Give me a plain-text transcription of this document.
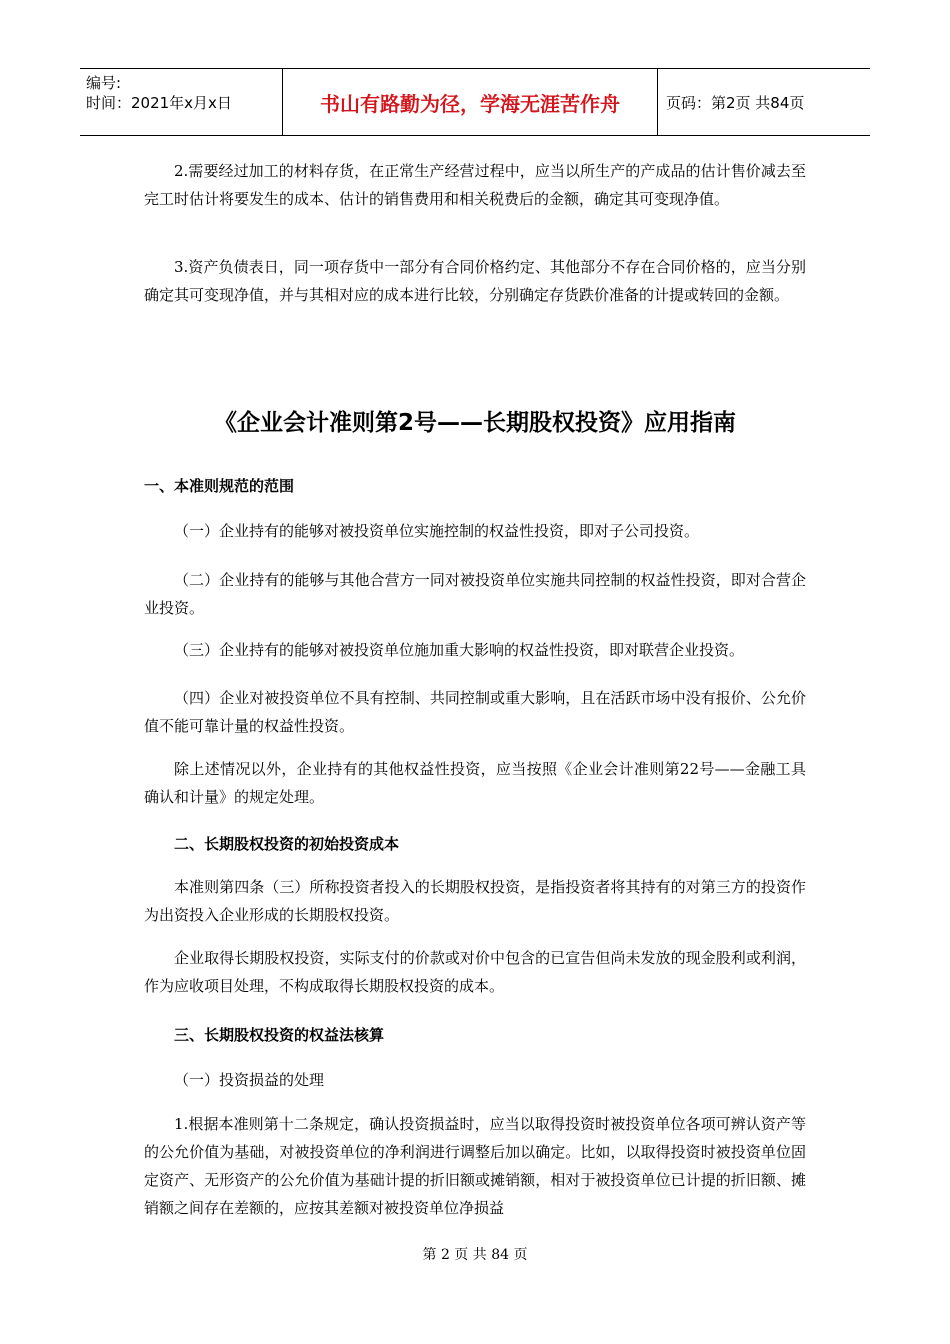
编号:
时间：2021年x月x日	书山有路勤为径，学海无涯苦作舟	页码：第2页 共84页

2.需要经过加工的材料存货，在正常生产经营过程中，应当以所生产的产成品的估计售价减去至完工时估计将要发生的成本、估计的销售费用和相关税费后的金额，确定其可变现净值。

3.资产负债表日，同一项存货中一部分有合同价格约定、其他部分不存在合同价格的，应当分别确定其可变现净值，并与其相对应的成本进行比较，分别确定存货跌价准备的计提或转回的金额。

《企业会计准则第2号——长期股权投资》应用指南
一、本准则规范的范围

（一）企业持有的能够对被投资单位实施控制的权益性投资，即对子公司投资。

（二）企业持有的能够与其他合营方一同对被投资单位实施共同控制的权益性投资，即对合营企业投资。

（三）企业持有的能够对被投资单位施加重大影响的权益性投资，即对联营企业投资。

（四）企业对被投资单位不具有控制、共同控制或重大影响，且在活跃市场中没有报价、公允价值不能可靠计量的权益性投资。

除上述情况以外，企业持有的其他权益性投资，应当按照《企业会计准则第22号——金融工具确认和计量》的规定处理。

二、长期股权投资的初始投资成本

本准则第四条（三）所称投资者投入的长期股权投资，是指投资者将其持有的对第三方的投资作为出资投入企业形成的长期股权投资。

企业取得长期股权投资，实际支付的价款或对价中包含的已宣告但尚未发放的现金股利或利润，作为应收项目处理，不构成取得长期股权投资的成本。

三、长期股权投资的权益法核算

（一）投资损益的处理

1.根据本准则第十二条规定，确认投资损益时，应当以取得投资时被投资单位各项可辨认资产等的公允价值为基础，对被投资单位的净利润进行调整后加以确定。比如，以取得投资时被投资单位固定资产、无形资产的公允价值为基础计提的折旧额或摊销额，相对于被投资单位已计提的折旧额、摊销额之间存在差额的，应按其差额对被投资单位净损益

第 2 页 共 84 页
